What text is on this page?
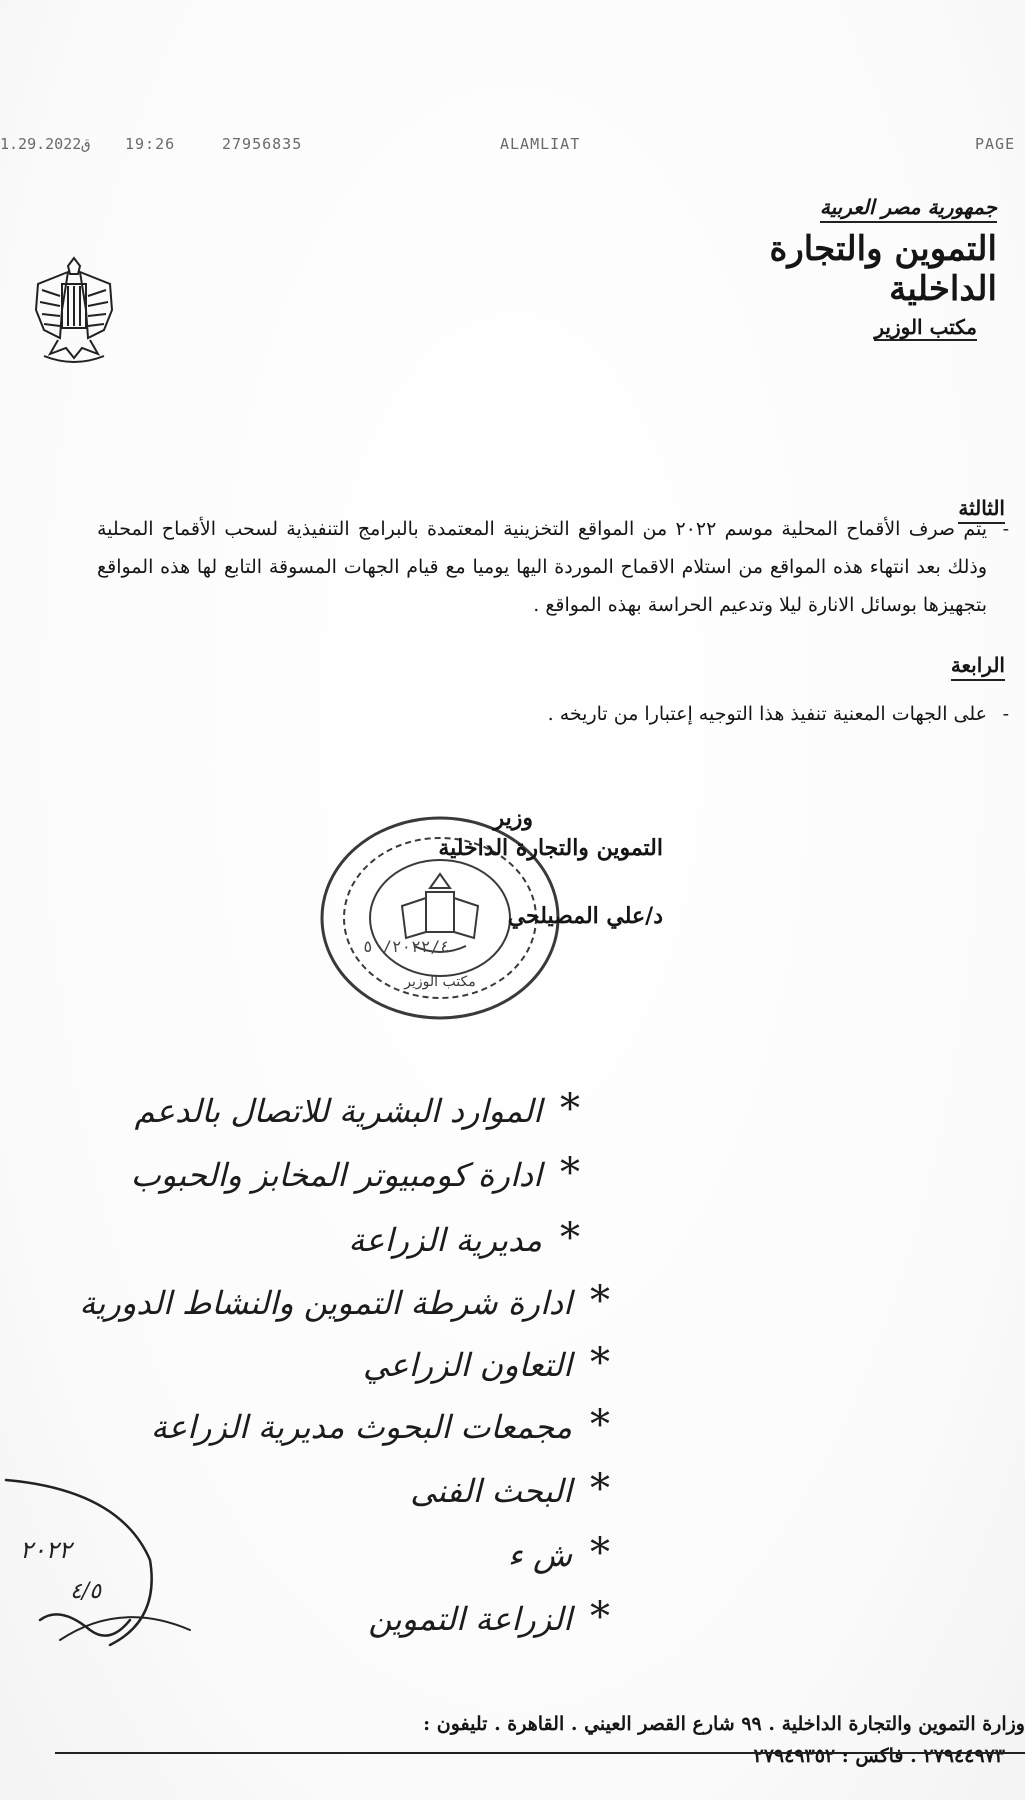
ق1.29.2022 19:26	27956835	ALAMLIAT	PAGE
جمهورية مصر العربية
التموين والتجارة الداخلية
مكتب الوزير
الثالثة
-
يتم صرف الأقماح المحلية موسم ٢٠٢٢ من المواقع التخزينية المعتمدة بالبرامج التنفيذية لسحب الأقماح المحلية وذلك بعد انتهاء هذه المواقع من استلام الاقماح الموردة اليها يوميا مع قيام الجهات المسوقة التابع لها هذه المواقع بتجهيزها بوسائل الانارة ليلا وتدعيم الحراسة بهذه المواقع .
الرابعة
-
على الجهات المعنية تنفيذ هذا التوجيه إعتبارا من تاريخه .
مكتب الوزير
وزير
التموين والتجارة الداخلية
د/علي المصيلحي
٢٠٢٢/٤/ ٥
*الموارد البشرية للاتصال بالدعم
*ادارة كومبيوتر المخابز والحبوب
*مديرية الزراعة
*ادارة شرطة التموين والنشاط الدورية
*التعاون الزراعي
*مجمعات البحوث مديرية الزراعة
*البحث الفنى
*ش ء
*الزراعة التموين
٢٠٢٢
٤/٥
وزارة التموين والتجارة الداخلية . ٩٩ شارع القصر العيني . القاهرة . تليفون :
٢٧٩٤٤٩٧٣ . فاكس : ٢٧٩٤٩٣٥٢
